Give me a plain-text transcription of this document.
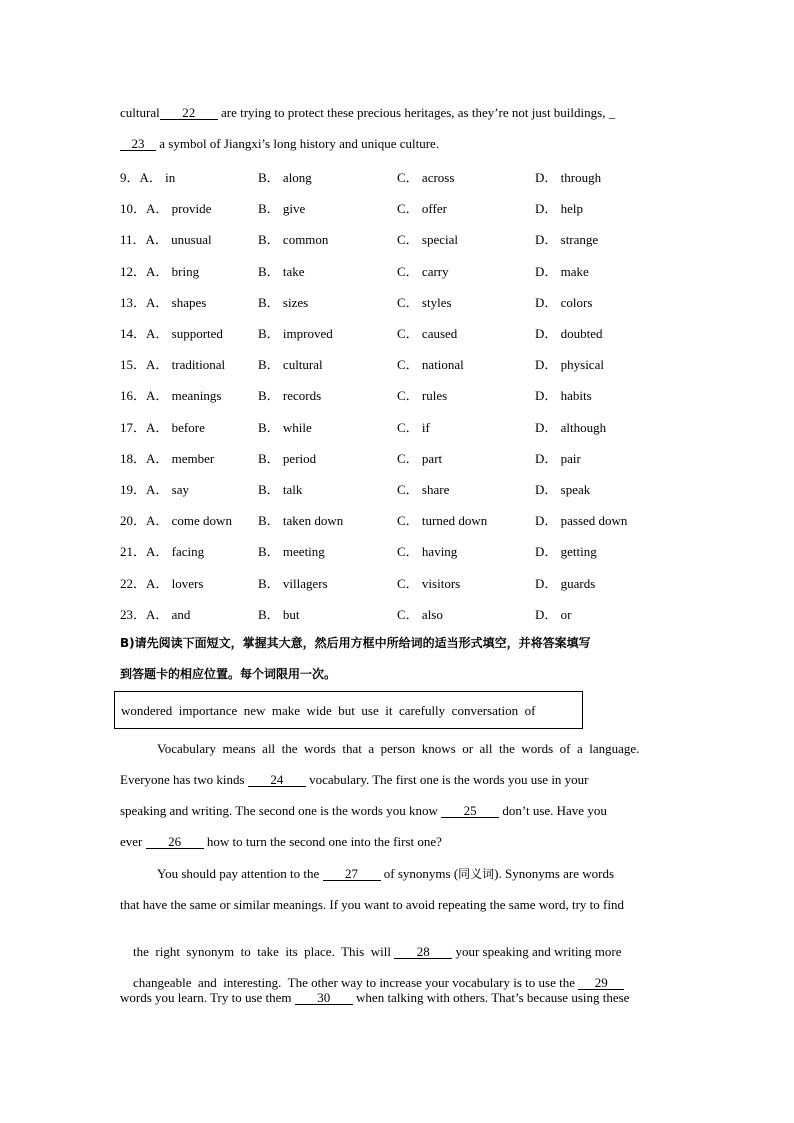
cultural 22 are trying to protect these precious heritages, as they’re not just buildings, _
23 a symbol of Jiangxi’s long history and unique culture.
9．A． in	B． along	C． across	D． through
10．A． provide	B． give	C． offer	D． help
11．A． unusual	B． common	C． special	D． strange
12．A． bring	B． take	C． carry	D． make
13．A． shapes	B． sizes	C． styles	D． colors
14．A． supported	B． improved	C． caused	D． doubted
15．A． traditional	B． cultural	C． national	D． physical
16．A． meanings	B． records	C． rules	D． habits
17．A． before	B． while	C． if	D． although
18．A． member	B． period	C． part	D． pair
19．A． say	B． talk	C． share	D． speak
20．A． come down B． taken down	C． turned down	D． passed down
21．A． facing	B． meeting	C． having	D． getting
22．A． lovers	B． villagers	C． visitors	D． guards
23．A． and	B． but	C． also	D． or
B)请先阅读下面短文，掌握其大意，然后用方框中所给词的适当形式填空，并将答案填写
到答题卡的相应位置。每个词限用一次。
wondered  importance  new  make  wide  but  use  it  carefully  conversation  of
Vocabulary  means  all  the  words  that  a  person  knows  or  all  the  words  of  a  language.
Everyone has two kinds 24 vocabulary. The first one is the words you use in your
speaking and writing. The second one is the words you know 25 don’t use. Have you
ever 26 how to turn the second one into the first one?
You should pay attention to the 27 of synonyms (同义词). Synonyms are words
that have the same or similar meanings. If you want to avoid repeating the same word, try to find

the  right  synonym  to  take  its  place.  This  will 28 your speaking and writing more

changeable  and  interesting.  The other way to increase your vocabulary is to use the 29

words you learn. Try to use them 30 when talking with others. That’s because using these
